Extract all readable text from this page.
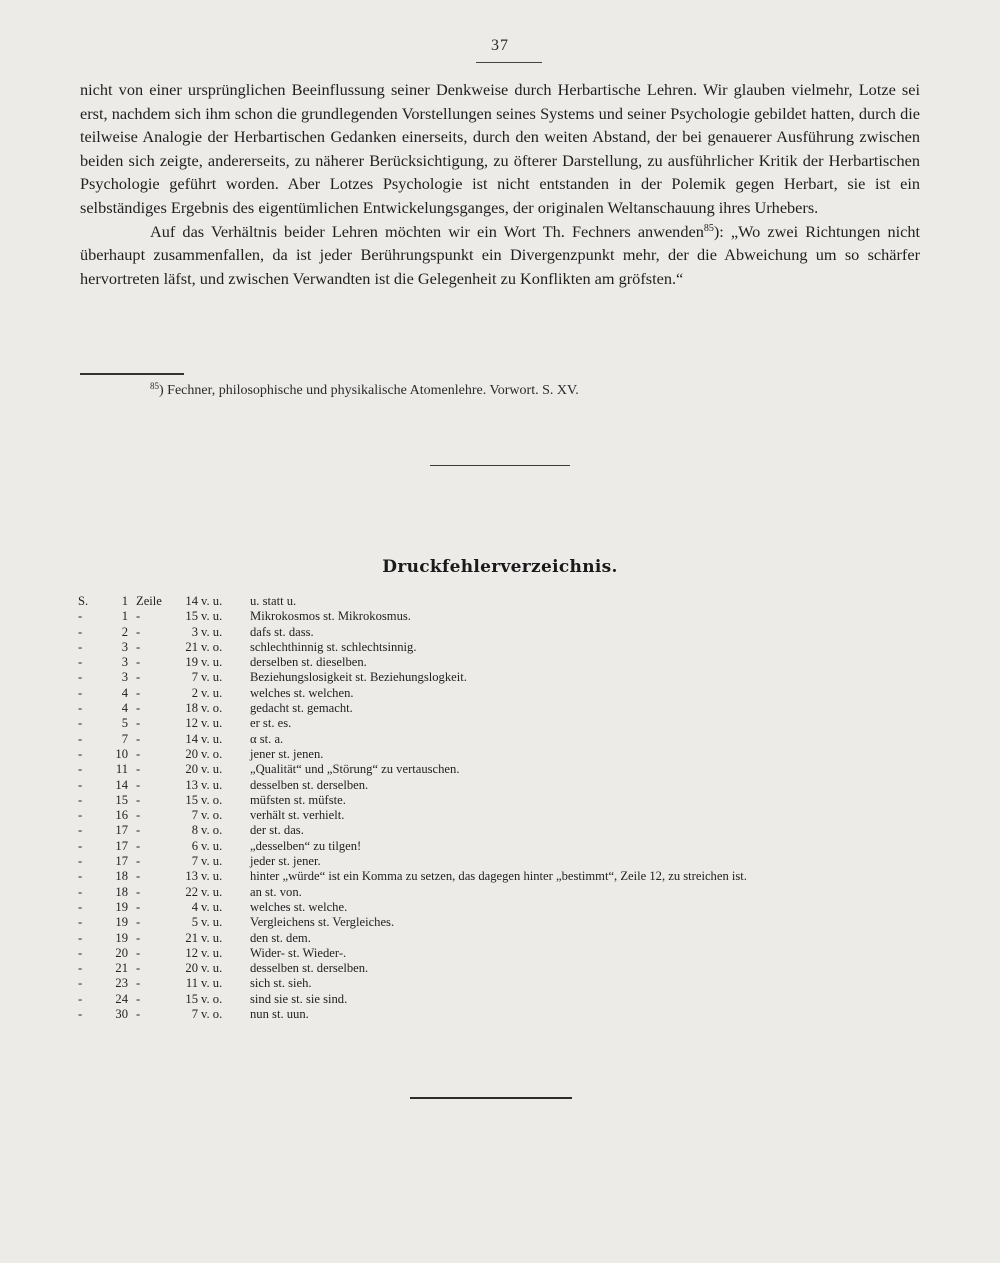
37

nicht von einer ursprünglichen Beeinflussung seiner Denkweise durch Herbartische Lehren. Wir glauben vielmehr, Lotze sei erst, nachdem sich ihm schon die grundlegenden Vorstellungen seines Systems und seiner Psychologie gebildet hatten, durch die teilweise Analogie der Herbartischen Gedanken einerseits, durch den weiten Abstand, der bei genauerer Ausführung zwischen beiden sich zeigte, andererseits, zu näherer Berücksichtigung, zu öfterer Darstellung, zu ausführlicher Kritik der Herbartischen Psychologie geführt worden. Aber Lotzes Psychologie ist nicht entstanden in der Polemik gegen Herbart, sie ist ein selbständiges Ergebnis des eigentümlichen Entwickelungsganges, der originalen Weltanschauung ihres Urhebers.

Auf das Verhältnis beider Lehren möchten wir ein Wort Th. Fechners anwenden$^{85}$): „Wo zwei Richtungen nicht überhaupt zusammenfallen, da ist jeder Berührungspunkt ein Divergenzpunkt mehr, der die Abweichung um so schärfer hervortreten läfst, und zwischen Verwandten ist die Gelegenheit zu Konflikten am gröfsten.“

$^{85}$) Fechner, philosophische und physikalische Atomenlehre. Vorwort. S. XV.
Druckfehlerverzeichnis.
S.	1 Zeile	14 v. u.	u. statt u.
-	1 -	15 v. u.	Mikrokosmos st. Mikrokosmus.
-	2 -	3 v. u.	dafs st. dass.
-	3 -	21 v. o.	schlechthinnig st. schlechtsinnig.
-	3 -	19 v. u.	derselben st. dieselben.
-	3 -	7 v. u.	Beziehungslosigkeit st. Beziehungslogkeit.
-	4 -	2 v. u.	welches st. welchen.
-	4 -	18 v. o.	gedacht st. gemacht.
-	5 -	12 v. u.	er st. es.
-	7 -	14 v. u.	α st. a.
-	10 -	20 v. o.	jener st. jenen.
-	11 -	20 v. u.	„Qualität“ und „Störung“ zu vertauschen.
-	14 -	13 v. u.	desselben st. derselben.
-	15 -	15 v. o.	müfsten st. müfste.
-	16 -	7 v. o.	verhält st. verhielt.
-	17 -	8 v. o.	der st. das.
-	17 -	6 v. u.	„desselben“ zu tilgen!
-	17 -	7 v. u.	jeder st. jener.
-	18 -	13 v. u.	hinter „würde“ ist ein Komma zu setzen, das dagegen hinter „bestimmt“, Zeile 12, zu streichen ist.
-	18 -	22 v. u.	an st. von.
-	19 -	4 v. u.	welches st. welche.
-	19 -	5 v. u.	Vergleichens st. Vergleiches.
-	19 -	21 v. u.	den st. dem.
-	20 -	12 v. u.	Wider- st. Wieder-.
-	21 -	20 v. u.	desselben st. derselben.
-	23 -	11 v. u.	sich st. sieh.
-	24 -	15 v. o.	sind sie st. sie sind.
-	30 -	7 v. o.	nun st. uun.
